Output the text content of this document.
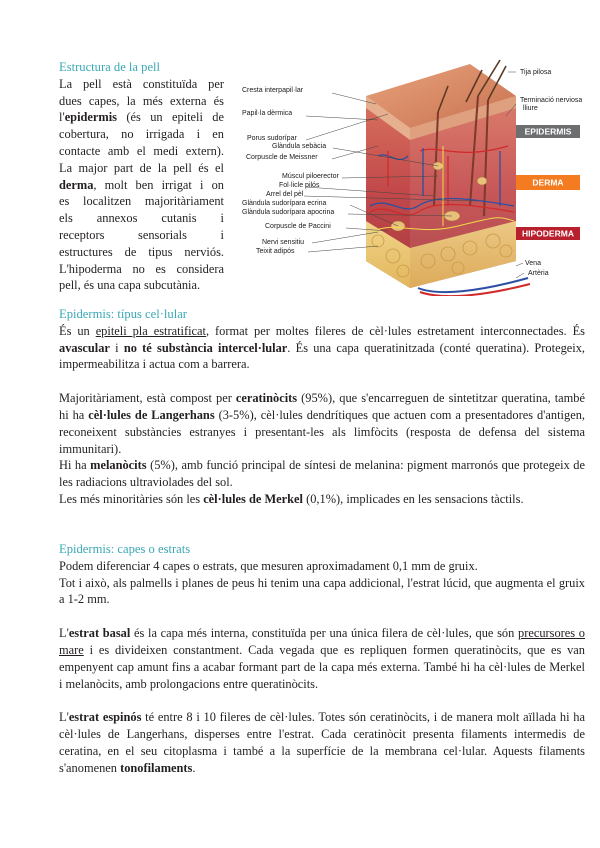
Estructura de la pell
La pell està constituïda per
dues capes, la més externa és
l'epidermis (és un epiteli de
cobertura, no irrigada i en
contacte amb el medi extern).
La major part de la pell és el
derma, molt ben irrigat i on
es localitzen majoritàriament
els annexos cutanis i
receptors sensorials i
estructures de tipus nerviós.
L'hipoderma no es considera
pell, és una capa subcutània.
Cresta interpapil·lar
Papil·la dèrmica
Porus sudorípar
Glàndula sebàcia
Corpuscle de Meissner
Múscul piloerector
Fol·licle pilós
Arrel del pèl
Glàndula sudorípara ecrina
Glàndula sudorípara apocrina
Corpuscle de Paccini
Nervi sensitiu
Teixit adipós
Tija pilosa
Terminació nerviosa
lliure
Vena
Artèria
EPIDERMIS
DERMA
HIPODERMA
Epidermis: típus cel·lular
És un epiteli pla estratificat, format per moltes fileres de cèl·lules estretament interconnectades. És avascular i no té substància intercel·lular. És una capa queratinitzada (conté queratina). Protegeix, impermeabilitza i actua com a barrera.
Majoritàriament, està compost per ceratinòcits (95%), que s'encarreguen de sintetitzar queratina, també hi ha cèl·lules de Langerhans (3-5%), cèl·lules dendrítiques que actuen com a presentadores d'antigen, reconeixent substàncies estranyes i presentant-les als limfòcits (resposta de defensa del sistema immunitari).
Hi ha melanòcits (5%), amb funció principal de síntesi de melanina: pigment marronós que protegeix de les radiacions ultraviolades del sol.
Les més minoritàries són les cèl·lules de Merkel (0,1%), implicades en les sensacions tàctils.
Epidermis: capes o estrats
Podem diferenciar 4 capes o estrats, que mesuren aproximadament 0,1 mm de gruix.
Tot i això, als palmells i planes de peus hi tenim una capa addicional, l'estrat lúcid, que augmenta el gruix a 1-2 mm.
L'estrat basal és la capa més interna, constituïda per una única filera de cèl·lules, que són precursores o mare i es divideixen constantment. Cada vegada que es repliquen formen queratinòcits, que es van empenyent cap amunt fins a acabar formant part de la capa més externa. També hi ha cèl·lules de Merkel i melanòcits, amb prolongacions entre queratinòcits.
L'estrat espinós té entre 8 i 10 fileres de cèl·lules. Totes són ceratinòcits, i de manera molt aïllada hi ha cèl·lules de Langerhans, disperses entre l'estrat. Cada ceratinòcit presenta filaments intermedis de ceratina, en el seu citoplasma i també a la superfície de la membrana cel·lular. Aquests filaments s'anomenen tonofilaments.
